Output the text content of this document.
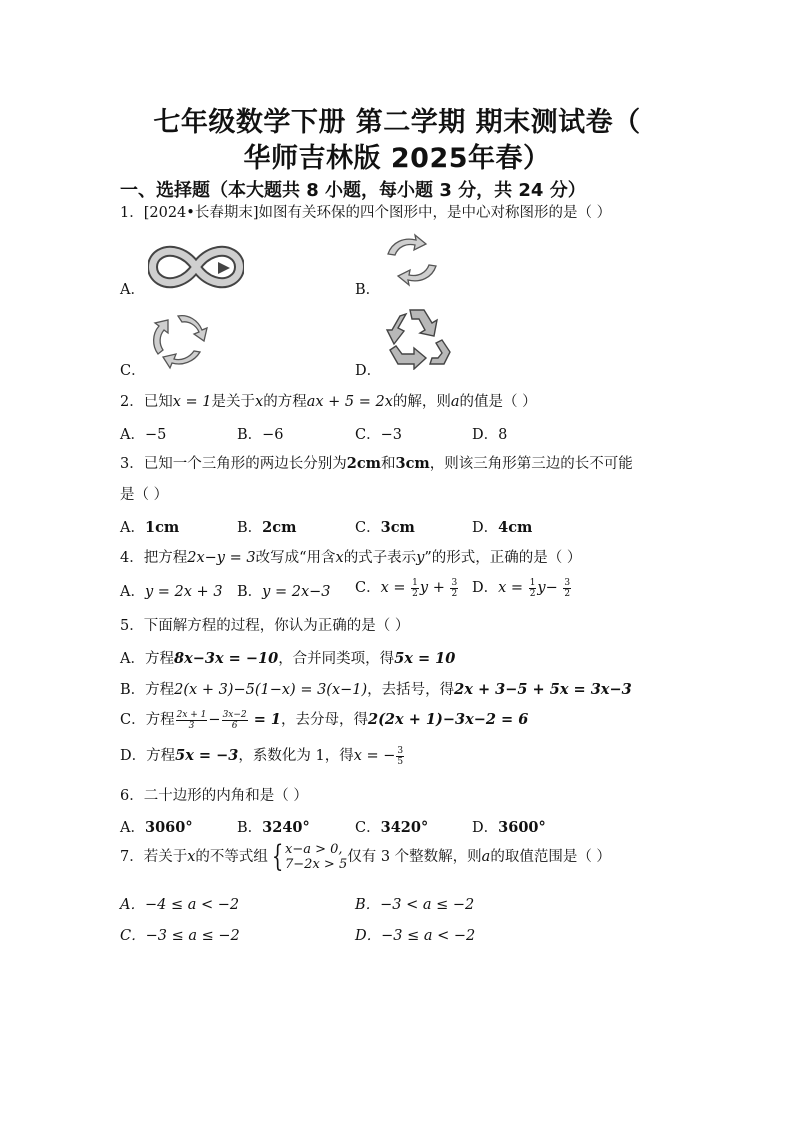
七年级数学下册 第二学期 期末测试卷（
华师吉林版 2025年春）
一、选择题（本大题共 8 小题，每小题 3 分，共 24 分）
1．[2024•长春期末]如图有关环保的四个图形中，是中心对称图形的是（ ）
A．	B．
C．	D．
2．已知x = 1是关于x的方程ax + 5 = 2x的解，则a的值是（ ）
A．−5	B．−6	C．−3	D．8
3．已知一个三角形的两边长分别为2cm和3cm，则该三角形第三边的长不可能
是（ ）
A．1cm	B．2cm	C．3cm	D．4cm
4．把方程2x−y = 3改写成“用含x的式子表示y”的形式，正确的是（ ）
A．y = 2x + 3 B．y = 2x−3 C．$x = \frac{1}{2}$ $y + \frac{3}{2}$ D．$x = \frac{1}{2} y- \frac{3}{2}$
5．下面解方程的过程，你认为正确的是（ ）
A．方程8x−3x = −10，合并同类项，得5x = 10
B．方程2(x + 3)−5(1−x) = 3(x−1)，去括号，得2x + 3−5 + 5x = 3x−3
C．方程 $\frac{2x + 1}{3} - \frac{3x-2}{6} = 1$，去分母，得2(2x + 1)−3x−2 = 6
D．方程5x = −3，系数化为 1，得x = − $\frac{3}{5}$
6．二十边形的内角和是（ ）
A．3060°	B．3240°	C．3420°	D．3600°
7．若关于x的不等式组 { x−a > 0,
7−2x > 5 仅有 3 个整数解，则a的取值范围是（ ）
A．−4 ≤ a < −2	B．−3 < a ≤ −2
C．−3 ≤ a ≤ −2	D．−3 ≤ a < −2
